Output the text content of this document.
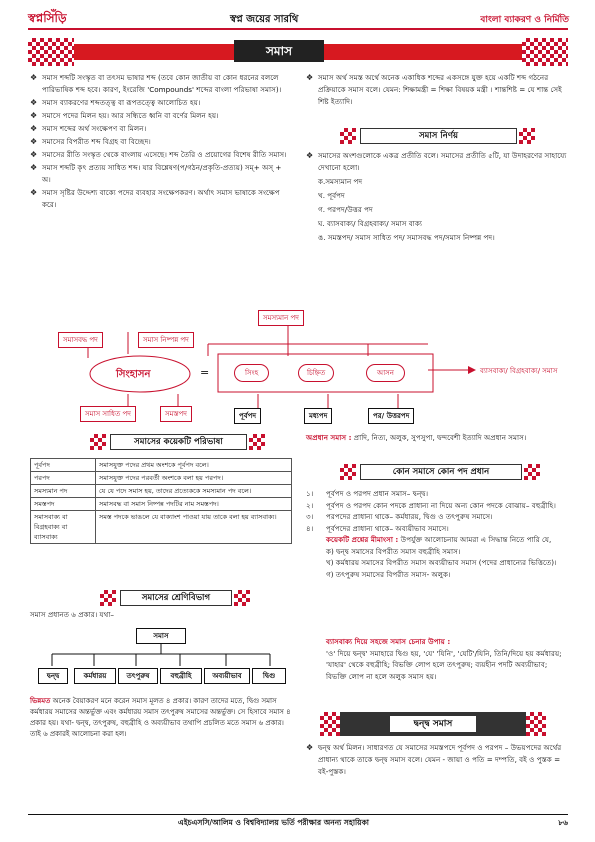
স্বপ্নসিঁড়ি	স্বপ্ন জয়ের সারথি	বাংলা ব্যাকরণ ও নির্মিতি
সমাস
❖ সমাস শব্দটি সংস্কৃত বা তৎসম ভাষার শব্দ (তবে কোন জাতীয় বা কোন ধরনের বললে পারিভাষিক শব্দ হবে। কারণ, ইংরেজি 'Compounds' শব্দের বাংলা পরিভাষা সমাস)।
❖ সমাস ব্যাকরণের শব্দতত্ত্ব বা রূপতত্ত্বে আলোচিত হয়।
❖ সমাসে পদের মিলন হয়। আর সন্ধিতে ধ্বনি বা বর্ণের মিলন হয়।
❖ সমাস শব্দের অর্থ সংক্ষেপণ বা মিলন।
❖ সমাসের বিপরীত শব্দ বিগ্রহ বা বিচ্ছেদ।
❖ সমাসের রীতি সংস্কৃত থেকে বাংলায় এসেছে। শব্দ তৈরি ও প্রয়োগের বিশেষ রীতি সমাস।
❖ সমাস শব্দটি কৃৎ প্রত্যয় সাধিত শব্দ। যার বিশ্লেষণ(প/গঠন/প্রকৃতি-প্রত্যয়) সম্‌+ অস্‌ + অ।
❖ সমাস সৃষ্টির উদ্দেশ্য বাক্যে পদের ব্যবহার সংক্ষেপকরণ। অর্থাৎ সমাস ভাষাকে সংক্ষেপ করে।
❖ সমাস অর্থ সমস্ত অর্থে অনেক একাধিক শব্দের একসঙ্গে যুক্ত হয়ে একটি শব্দ গঠনের প্রক্রিয়াকে সমাস বলে। যেমন: শিক্ষামন্ত্রী = শিক্ষা বিষয়ক মন্ত্রী । শান্তশিষ্ট = যে শান্ত সেই শিষ্ট ইত্যাদি।
সমাস নির্ণয়
❖ সমাসের অংশগুলোকে একত্র প্রতীতি বলে। সমাসের প্রতীতি ৫টি, যা উদাহরণের সাহায্যে দেখানো হলো।
ক.সমস্যমান পদ
খ. পূর্বপদ
গ. পরপদ/উত্তর পদ
ঘ. ব্যাসবাক্য/ বিগ্রহবাক্য/ সমাস বাক্য
ঙ. সমস্তপদ/ সমাস সাধিত পদ/ সমাসবদ্ধ পদ/সমাস নিষ্পন্ন পদ।
সমস্যমান পদ
সমাসবদ্ধ পদ	সমাস নিষ্পন্ন পদ
সিংহাসন	=	সিংহ	চিহ্নিত	আসন	ব্যাসবাক্য/ বিগ্রহবাক্য/ সমাস
সমাস সাধিত পদ	সমস্তপদ	পূর্বপদ	মধ্যপদ	পর/ উত্তরপদ
সমাসের কয়েকটি পরিভাষা
পূর্বপদ	সমাসযুক্ত পদের প্রথম অংশকে পূর্বপদ বলে।
পরপদ	সমাসযুক্ত পদের পরবর্তী অংশকে বলা হয় পরপদ।
সমস্যমান পদ	যে যে পদে সমাস হয়, তাদের প্রত্যেককে সমস্যমান পদ বলে।
সমস্তপদ	সমাসবদ্ধ বা সমাস নিষ্পন্ন পদটির নাম সমস্তপদ।
সমাসবাক্য বা বিগ্রহবাক্য বা ব্যাসবাক্য	সমস্ত পদকে ভাঙলে যে বাক্যাংশ পাওয়া যায় তাকে বলা হয় ব্যাসবাক্য।
সমাসের শ্রেণিবিভাগ
সমাস প্রধানত ৬ প্রকার। যথা–
সমাস
দ্বন্দ্ব	কর্মধারয়	তৎপুরুষ	বহুব্রীহি	অব্যয়ীভাব	দ্বিগু
ভিন্নমত অনেক বৈয়াকরণ মনে করেন সমাস মূলত ৪ প্রকার। কারণ তাদের মতে, দ্বিগু সমাস কর্মধারয় সমাসের অন্তর্ভুক্ত এবং কর্মধারয় সমাস তৎপুরুষ সমাসের অন্তর্ভুক্ত। সে হিসাবে সমাস ৪ প্রকার হয়। যথা- দ্বন্দ্ব, তৎপুরুষ, বহুব্রীহি ও অব্যয়ীভাব তথাপি প্রচলিত মতে সমাস ৬ প্রকার। তাই ৬ প্রকারই আলোচনা করা হল।
অপ্রধান সমাস : প্রাদি, নিত্য, অলুক, সুপসুপা, দ্বন্দবেশী ইত্যাদি অপ্রধান সমাস।
কোন সমাসে কোন পদ প্রধান
১।	পূর্বপদ ও পরপদ প্রধান সমাস– দ্বন্দ্ব।
২।	পূর্বপদ ও পরপদ কোন পদকে প্রাধান্য না দিয়ে অন্য কোন পদকে বোঝায়– বহুব্রীহি।
৩।	পরপদের প্রাধান্য থাকে– কর্মধারয়, দ্বিগু ও তৎপুরুষ সমাসে।
৪।	পূর্বপদের প্রাধান্য থাকে– অব্যয়ীভাব সমাসে।
কয়েকটি প্রশ্নের মীমাংসা : উপর্যুক্ত আলোচনায় আমরা এ সিদ্ধান্ত নিতে পারি যে,
ক) দ্বন্দ্ব সমাসের বিপরীত সমাস বহুব্রীহি সমাস।
খ) কর্মধারয় সমাসের বিপরীত সমাস অব্যয়ীভাব সমাস (পদের প্রাধান্যের ভিত্তিতে)।
গ) তৎপুরুষ সমাসের বিপরীত সমাস- অলুক।
ব্যাসবাক্য দিয়ে সহজে সমাস চেনার উপায় :
'ও' দিয়ে দ্বন্দ্ব' সমাহারে দ্বিগু হয়, 'যে' 'যিনি', 'যেটি'/যিনি, তিনি/দিয়ে হয় কর্মধারয়; 'যাহার' থেকে বহুব্রীহি; বিভক্তি লোপ হলে তৎপুরুষ; ব্যয়হীন পদটি অব্যয়ীভাব; বিভক্তি লোপ না হলে অলুক সমাস হয়।
দ্বন্দ্ব সমাস
❖ দ্বন্দ্ব অর্থ মিলন। সাধারণত যে সমাসের সমস্তপদে পূর্বপদ ও পরপদ – উভয়পদের অর্থের প্রাধান্য থাকে তাকে দ্বন্দ্ব সমাস বলে। যেমন - জায়া ও পতি = দম্পতি, বই ও পুস্তক = বই-পুস্তক।
এইচএসসি/আলিম ও বিশ্ববিদ্যালয় ভর্তি পরীক্ষার অনন্য সহায়িকা	৮৬
